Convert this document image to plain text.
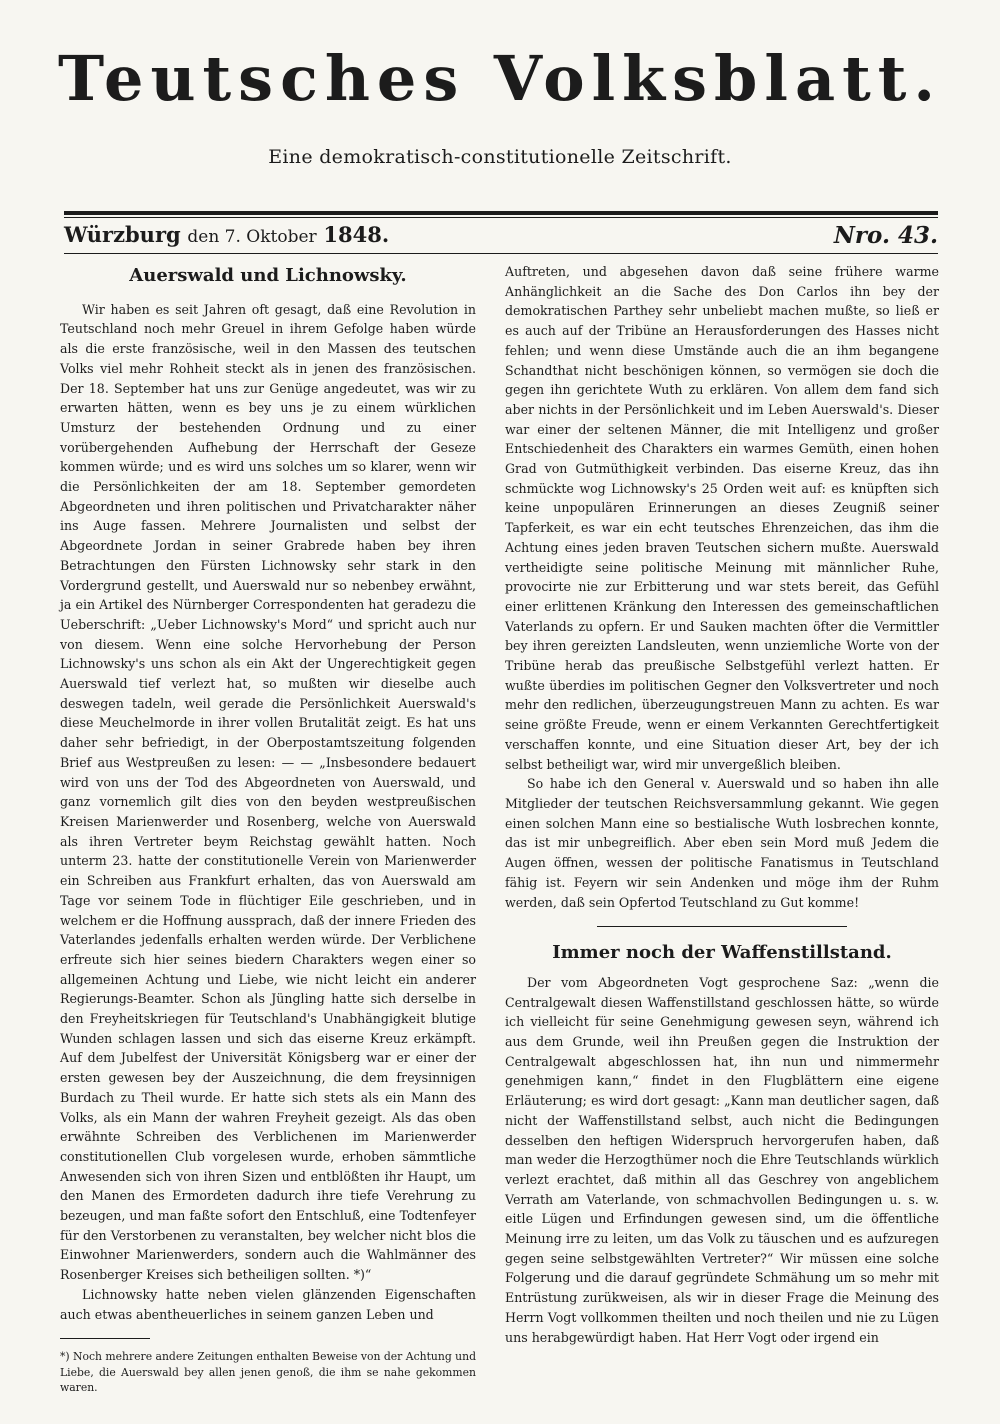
Teutsches Volksblatt.
Eine demokratisch-constitutionelle Zeitschrift.
Würzburg den 7. Oktober 1848.	Nro. 43.
Auerswald und Lichnowsky.

Wir haben es seit Jahren oft gesagt, daß eine Revolution in Teutschland noch mehr Greuel in ihrem Gefolge haben würde als die erste französische, weil in den Massen des teutschen Volks viel mehr Rohheit steckt als in jenen des französischen. Der 18. September hat uns zur Genüge angedeutet, was wir zu erwarten hätten, wenn es bey uns je zu einem würklichen Umsturz der bestehenden Ordnung und zu einer vorübergehenden Aufhebung der Herrschaft der Geseze kommen würde; und es wird uns solches um so klarer, wenn wir die Persönlichkeiten der am 18. September gemordeten Abgeordneten und ihren politischen und Privatcharakter näher ins Auge fassen. Mehrere Journalisten und selbst der Abgeordnete Jordan in seiner Grabrede haben bey ihren Betrachtungen den Fürsten Lichnowsky sehr stark in den Vordergrund gestellt, und Auerswald nur so nebenbey erwähnt, ja ein Artikel des Nürnberger Correspondenten hat geradezu die Ueberschrift: „Ueber Lichnowsky's Mord“ und spricht auch nur von diesem. Wenn eine solche Hervorhebung der Person Lichnowsky's uns schon als ein Akt der Ungerechtigkeit gegen Auerswald tief verlezt hat, so mußten wir dieselbe auch deswegen tadeln, weil gerade die Persönlichkeit Auerswald's diese Meuchelmorde in ihrer vollen Brutalität zeigt. Es hat uns daher sehr befriedigt, in der Oberpostamtszeitung folgenden Brief aus Westpreußen zu lesen: — — „Insbesondere bedauert wird von uns der Tod des Abgeordneten von Auerswald, und ganz vornemlich gilt dies von den beyden westpreußischen Kreisen Marienwerder und Rosenberg, welche von Auerswald als ihren Vertreter beym Reichstag gewählt hatten. Noch unterm 23. hatte der constitutionelle Verein von Marienwerder ein Schreiben aus Frankfurt erhalten, das von Auerswald am Tage vor seinem Tode in flüchtiger Eile geschrieben, und in welchem er die Hoffnung aussprach, daß der innere Frieden des Vaterlandes jedenfalls erhalten werden würde. Der Verblichene erfreute sich hier seines biedern Charakters wegen einer so allgemeinen Achtung und Liebe, wie nicht leicht ein anderer Regierungs-Beamter. Schon als Jüngling hatte sich derselbe in den Freyheitskriegen für Teutschland's Unabhängigkeit blutige Wunden schlagen lassen und sich das eiserne Kreuz erkämpft. Auf dem Jubelfest der Universität Königsberg war er einer der ersten gewesen bey der Auszeichnung, die dem freysinnigen Burdach zu Theil wurde. Er hatte sich stets als ein Mann des Volks, als ein Mann der wahren Freyheit gezeigt. Als das oben erwähnte Schreiben des Verblichenen im Marienwerder constitutionellen Club vorgelesen wurde, erhoben sämmtliche Anwesenden sich von ihren Sizen und entblößten ihr Haupt, um den Manen des Ermordeten dadurch ihre tiefe Verehrung zu bezeugen, und man faßte sofort den Entschluß, eine Todtenfeyer für den Verstorbenen zu veranstalten, bey welcher nicht blos die Einwohner Marienwerders, sondern auch die Wahlmänner des Rosenberger Kreises sich betheiligen sollten. *)“

Lichnowsky hatte neben vielen glänzenden Eigenschaften auch etwas abentheuerliches in seinem ganzen Leben und

*) Noch mehrere andere Zeitungen enthalten Beweise von der Achtung und Liebe, die Auerswald bey allen jenen genoß, die ihm se nahe gekommen waren.

Auftreten, und abgesehen davon daß seine frühere warme Anhänglichkeit an die Sache des Don Carlos ihn bey der demokratischen Parthey sehr unbeliebt machen mußte, so ließ er es auch auf der Tribüne an Herausforderungen des Hasses nicht fehlen; und wenn diese Umstände auch die an ihm begangene Schandthat nicht beschönigen können, so vermögen sie doch die gegen ihn gerichtete Wuth zu erklären. Von allem dem fand sich aber nichts in der Persönlichkeit und im Leben Auerswald's. Dieser war einer der seltenen Männer, die mit Intelligenz und großer Entschiedenheit des Charakters ein warmes Gemüth, einen hohen Grad von Gutmüthigkeit verbinden. Das eiserne Kreuz, das ihn schmückte wog Lichnowsky's 25 Orden weit auf: es knüpften sich keine unpopulären Erinnerungen an dieses Zeugniß seiner Tapferkeit, es war ein echt teutsches Ehrenzeichen, das ihm die Achtung eines jeden braven Teutschen sichern mußte. Auerswald vertheidigte seine politische Meinung mit männlicher Ruhe, provocirte nie zur Erbitterung und war stets bereit, das Gefühl einer erlittenen Kränkung den Interessen des gemeinschaftlichen Vaterlands zu opfern. Er und Sauken machten öfter die Vermittler bey ihren gereizten Landsleuten, wenn unziemliche Worte von der Tribüne herab das preußische Selbstgefühl verlezt hatten. Er wußte überdies im politischen Gegner den Volksvertreter und noch mehr den redlichen, überzeugungstreuen Mann zu achten. Es war seine größte Freude, wenn er einem Verkannten Gerechtfertigkeit verschaffen konnte, und eine Situation dieser Art, bey der ich selbst betheiligt war, wird mir unvergeßlich bleiben.

So habe ich den General v. Auerswald und so haben ihn alle Mitglieder der teutschen Reichsversammlung gekannt. Wie gegen einen solchen Mann eine so bestialische Wuth losbrechen konnte, das ist mir unbegreiflich. Aber eben sein Mord muß Jedem die Augen öffnen, wessen der politische Fanatismus in Teutschland fähig ist. Feyern wir sein Andenken und möge ihm der Ruhm werden, daß sein Opfertod Teutschland zu Gut komme!

Immer noch der Waffenstillstand.

Der vom Abgeordneten Vogt gesprochene Saz: „wenn die Centralgewalt diesen Waffenstillstand geschlossen hätte, so würde ich vielleicht für seine Genehmigung gewesen seyn, während ich aus dem Grunde, weil ihn Preußen gegen die Instruktion der Centralgewalt abgeschlossen hat, ihn nun und nimmermehr genehmigen kann,“ findet in den Flugblättern eine eigene Erläuterung; es wird dort gesagt: „Kann man deutlicher sagen, daß nicht der Waffenstillstand selbst, auch nicht die Bedingungen desselben den heftigen Widerspruch hervorgerufen haben, daß man weder die Herzogthümer noch die Ehre Teutschlands würklich verlezt erachtet, daß mithin all das Geschrey von angeblichem Verrath am Vaterlande, von schmachvollen Bedingungen u. s. w. eitle Lügen und Erfindungen gewesen sind, um die öffentliche Meinung irre zu leiten, um das Volk zu täuschen und es aufzuregen gegen seine selbstgewählten Vertreter?“ Wir müssen eine solche Folgerung und die darauf gegründete Schmähung um so mehr mit Entrüstung zurükweisen, als wir in dieser Frage die Meinung des Herrn Vogt vollkommen theilten und noch theilen und nie zu Lügen uns herabgewürdigt haben. Hat Herr Vogt oder irgend ein
